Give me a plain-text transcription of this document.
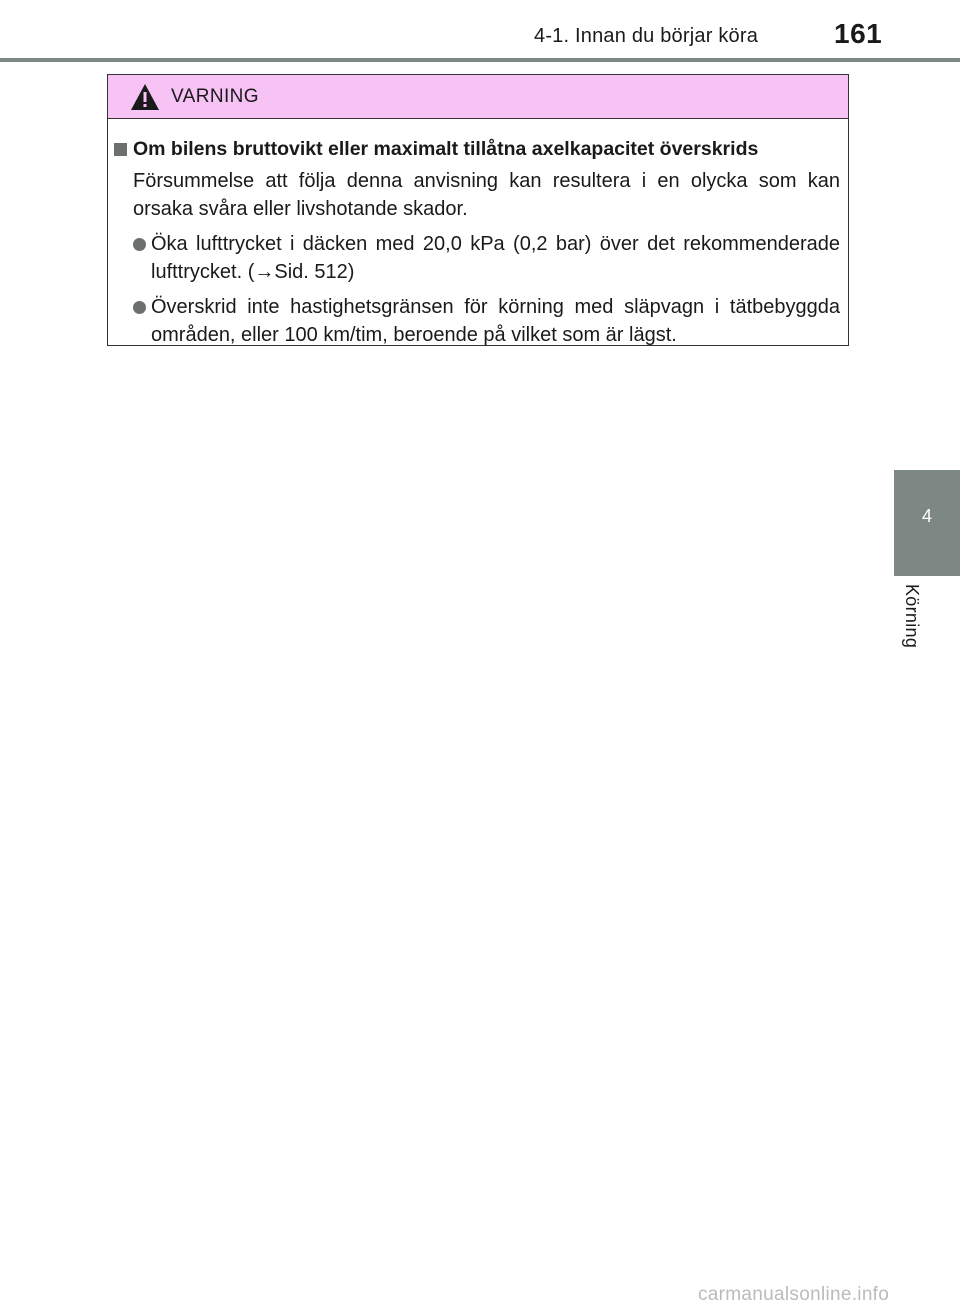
4-1. Innan du börjar köra	161
4
Körning
VARNING
Om bilens bruttovikt eller maximalt tillåtna axelkapacitet överskrids
Försummelse att följa denna anvisning kan resultera i en olycka som kan orsaka svåra eller livshotande skador.
Öka lufttrycket i däcken med 20,0 kPa (0,2 bar) över det rekommenderade lufttrycket. (→Sid. 512)
Överskrid inte hastighetsgränsen för körning med släpvagn i tätbebyggda områden, eller 100 km/tim, beroende på vilket som är lägst.
carmanualsonline.info
